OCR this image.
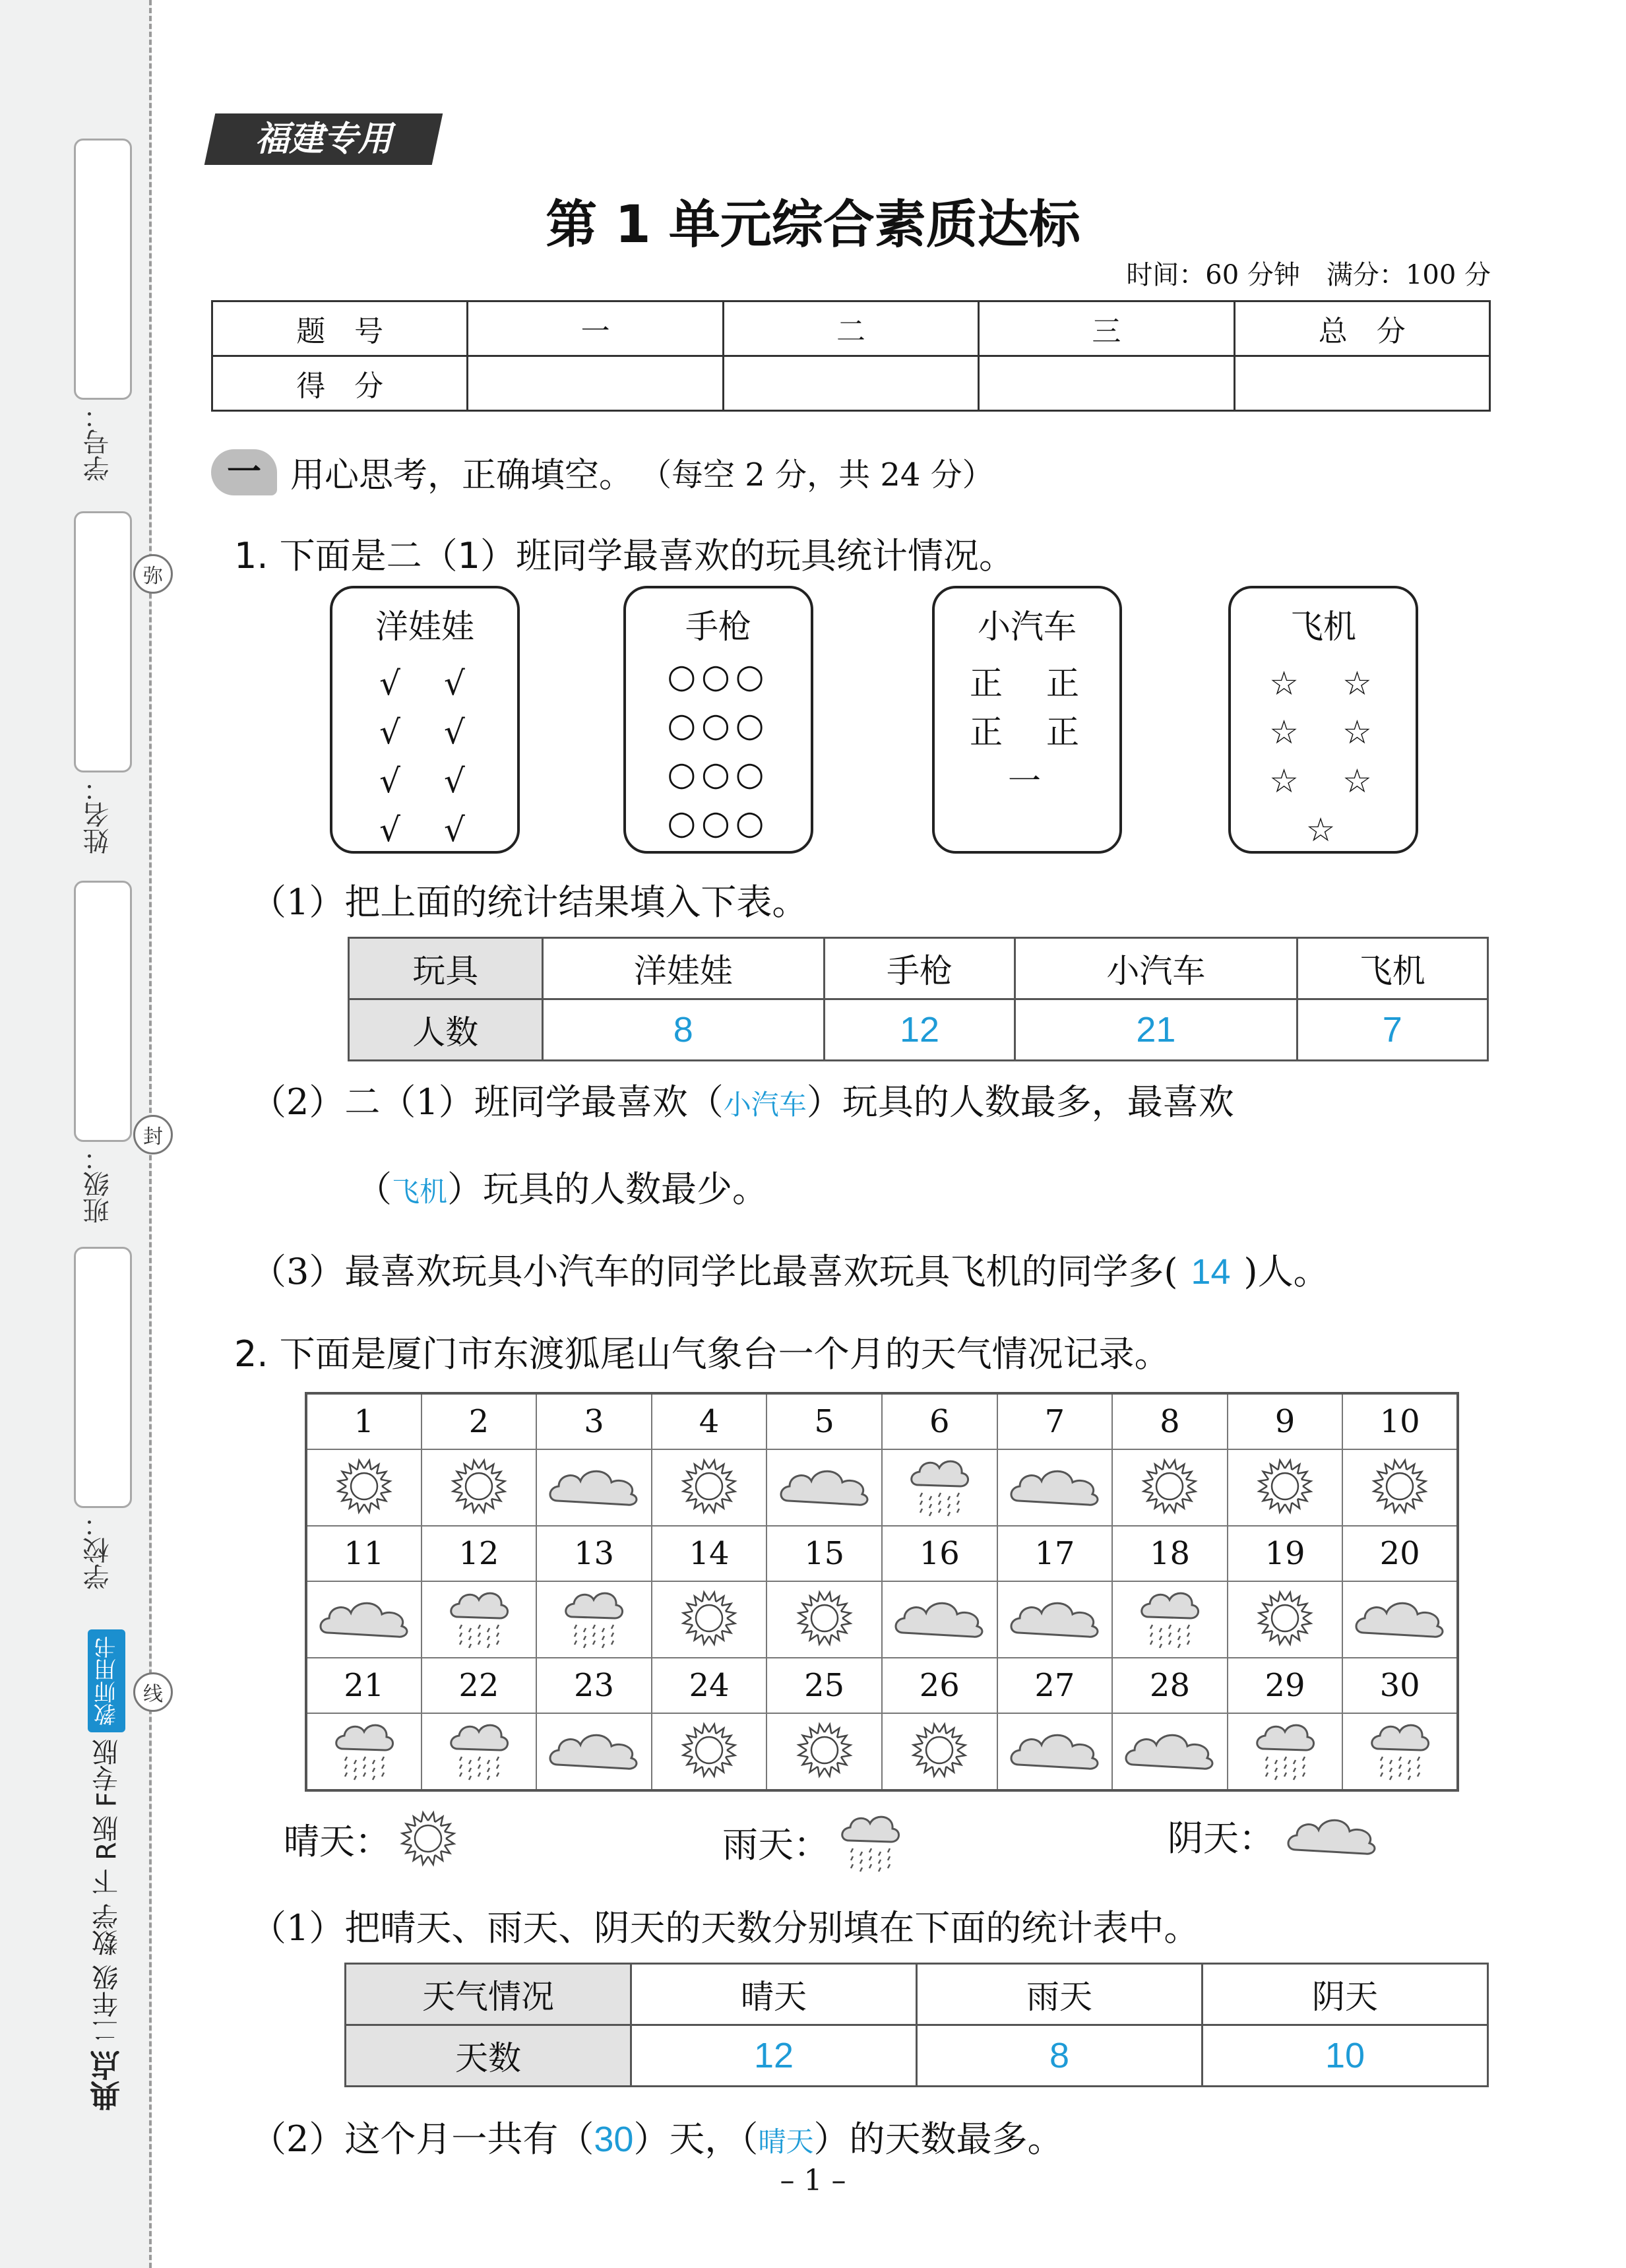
学号：
姓名：
班级：
学校：
弥
封
线
典点
二年级 数学 下 R版 F专版
教师用书
福建专用
第 1 单元综合素质达标
时间：60 分钟　满分：100 分
题　号	一	二	三	总　分
得　分				
一 用心思考，正确填空。 （每空 2 分，共 24 分）
1. 下面是二（1）班同学最喜欢的玩具统计情况。
洋娃娃
√　√
√　√
√　√
√　√
手枪
○○○
○○○
○○○
○○○
小汽车
正　正
正　正
一　　
飞机
☆　☆
☆　☆
☆　☆
☆　　
（1）把上面的统计结果填入下表。
玩具	洋娃娃	手枪	小汽车	飞机
人数	8	12	21	7
（2）二（1）班同学最喜欢（小汽车）玩具的人数最多，最喜欢
（飞机）玩具的人数最少。
（3）最喜欢玩具小汽车的同学比最喜欢玩具飞机的同学多( 14 )人。
2. 下面是厦门市东渡狐尾山气象台一个月的天气情况记录。
1	2	3	4	5	6	7	8	9	10

11	12	13	14	15	16	17	18	19	20

21	22	23	24	25	26	27	28	29	30

晴天：	雨天：	阴天：
（1）把晴天、雨天、阴天的天数分别填在下面的统计表中。
天气情况	晴天	雨天	阴天
天数	12	8	10
（2）这个月一共有（30）天，（晴天）的天数最多。
– 1 –
